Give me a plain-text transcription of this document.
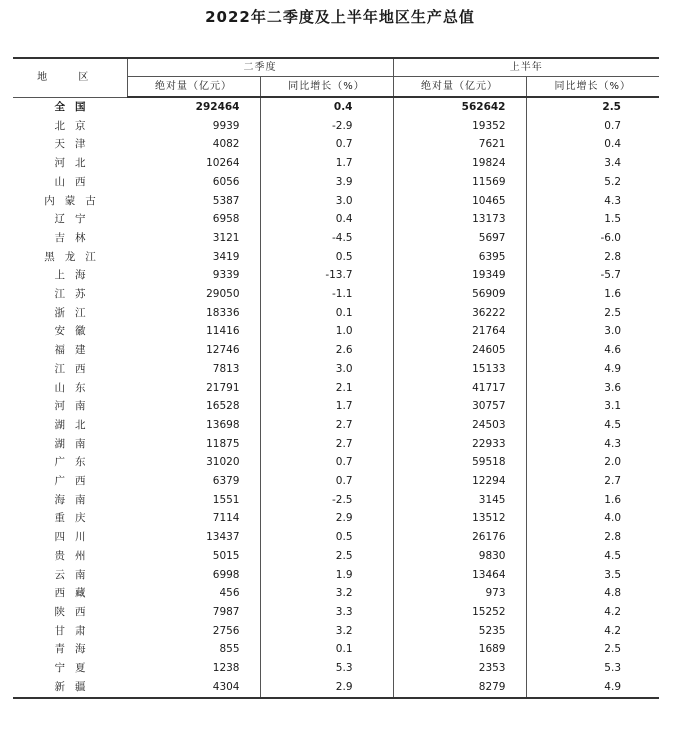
2022年二季度及上半年地区生产总值
地 区	二季度		上半年	
	绝对量（亿元）	同比增长（%）	绝对量（亿元）	同比增长（%）
全国	292464	0.4	562642	2.5
北京	9939	-2.9	19352	0.7
天津	4082	0.7	7621	0.4
河北	10264	1.7	19824	3.4
山西	6056	3.9	11569	5.2
内蒙古	5387	3.0	10465	4.3
辽宁	6958	0.4	13173	1.5
吉林	3121	-4.5	5697	-6.0
黑龙江	3419	0.5	6395	2.8
上海	9339	-13.7	19349	-5.7
江苏	29050	-1.1	56909	1.6
浙江	18336	0.1	36222	2.5
安徽	11416	1.0	21764	3.0
福建	12746	2.6	24605	4.6
江西	7813	3.0	15133	4.9
山东	21791	2.1	41717	3.6
河南	16528	1.7	30757	3.1
湖北	13698	2.7	24503	4.5
湖南	11875	2.7	22933	4.3
广东	31020	0.7	59518	2.0
广西	6379	0.7	12294	2.7
海南	1551	-2.5	3145	1.6
重庆	7114	2.9	13512	4.0
四川	13437	0.5	26176	2.8
贵州	5015	2.5	9830	4.5
云南	6998	1.9	13464	3.5
西藏	456	3.2	973	4.8
陕西	7987	3.3	15252	4.2
甘肃	2756	3.2	5235	4.2
青海	855	0.1	1689	2.5
宁夏	1238	5.3	2353	5.3
新疆	4304	2.9	8279	4.9
